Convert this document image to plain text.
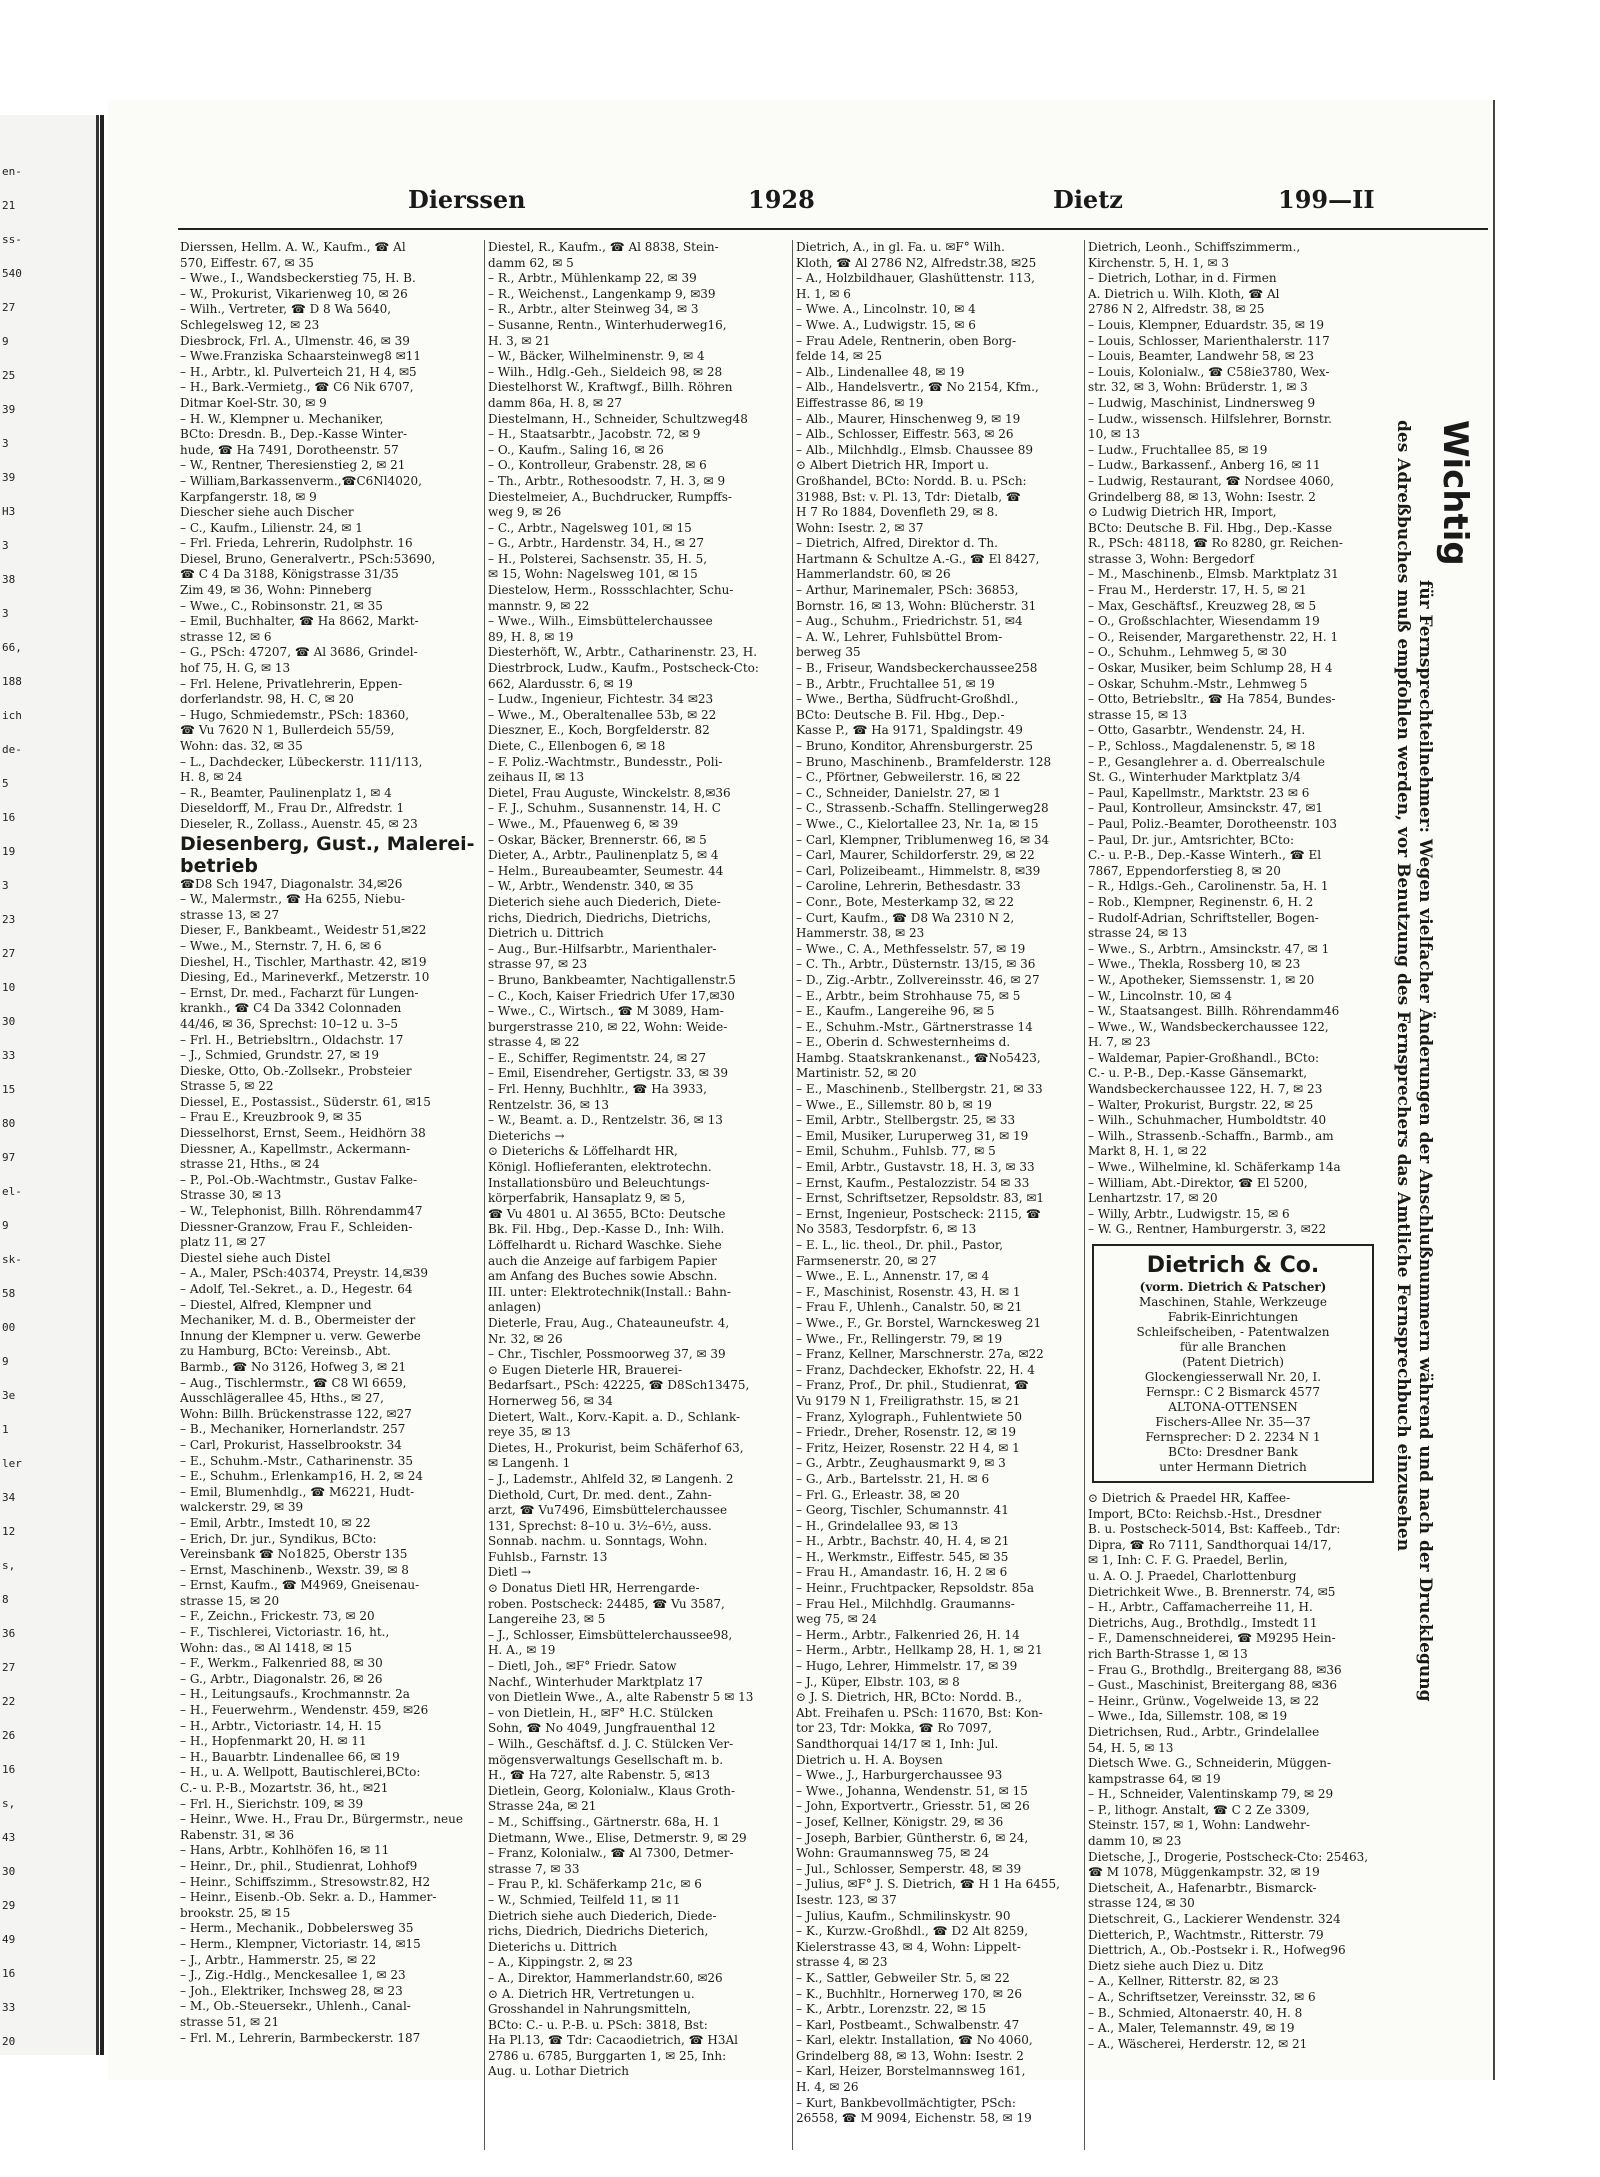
en-
21
ss-
540
27
9
25
39
3
39
H3
3
38
3
66,
188
ich
de-
5
16
19
3
23
27
10
30
33
15
80
97
el-
9
sk-
58
00
9
3e
1
ler
34
12
s,
8
36
27
22
26
16
s,
43
30
29
49
16
33
20
Dierssen	1928	Dietz	199—II
Dierssen, Hellm. A. W., Kaufm., ☎ Al
570, Eiffestr. 67, ✉ 35
– Wwe., I., Wandsbeckerstieg 75, H. B.
– W., Prokurist, Vikarienweg 10, ✉ 26
– Wilh., Vertreter, ☎ D 8 Wa 5640,
Schlegelsweg 12, ✉ 23
Diesbrock, Frl. A., Ulmenstr. 46, ✉ 39
– Wwe.Franziska Schaarsteinweg8 ✉11
– H., Arbtr., kl. Pulverteich 21, H 4, ✉5
– H., Bark.-Vermietg., ☎ C6 Nik 6707,
Ditmar Koel-Str. 30, ✉ 9
– H. W., Klempner u. Mechaniker,
BCto: Dresdn. B., Dep.-Kasse Winter-
hude, ☎ Ha 7491, Dorotheenstr. 57
– W., Rentner, Theresienstieg 2, ✉ 21
– William,Barkassenverm.,☎C6Nl4020,
Karpfangerstr. 18, ✉ 9
Diescher siehe auch Discher
– C., Kaufm., Lilienstr. 24, ✉ 1
– Frl. Frieda, Lehrerin, Rudolphstr. 16
Diesel, Bruno, Generalvertr., PSch:53690,
☎ C 4 Da 3188, Königstrasse 31/35
Zim 49, ✉ 36, Wohn: Pinneberg
– Wwe., C., Robinsonstr. 21, ✉ 35
– Emil, Buchhalter, ☎ Ha 8662, Markt-
strasse 12, ✉ 6
– G., PSch: 47207, ☎ Al 3686, Grindel-
hof 75, H. G, ✉ 13
– Frl. Helene, Privatlehrerin, Eppen-
dorferlandstr. 98, H. C, ✉ 20
– Hugo, Schmiedemstr., PSch: 18360,
☎ Vu 7620 N 1, Bullerdeich 55/59,
Wohn: das. 32, ✉ 35
– L., Dachdecker, Lübeckerstr. 111/113,
H. 8, ✉ 24
– R., Beamter, Paulinenplatz 1, ✉ 4
Dieseldorff, M., Frau Dr., Alfredstr. 1
Dieseler, R., Zollass., Auenstr. 45, ✉ 23
Diesenberg, Gust., Malerei-
betrieb
☎D8 Sch 1947, Diagonalstr. 34,✉26
– W., Malermstr., ☎ Ha 6255, Niebu-
strasse 13, ✉ 27
Dieser, F., Bankbeamt., Weidestr 51,✉22
– Wwe., M., Sternstr. 7, H. 6, ✉ 6
Dieshel, H., Tischler, Marthastr. 42, ✉19
Diesing, Ed., Marineverkf., Metzerstr. 10
– Ernst, Dr. med., Facharzt für Lungen-
krankh., ☎ C4 Da 3342 Colonnaden
44/46, ✉ 36, Sprechst: 10–12 u. 3–5
– Frl. H., Betriebsltrn., Oldachstr. 17
– J., Schmied, Grundstr. 27, ✉ 19
Dieske, Otto, Ob.-Zollsekr., Probsteier
Strasse 5, ✉ 22
Diessel, E., Postassist., Süderstr. 61, ✉15
– Frau E., Kreuzbrook 9, ✉ 35
Diesselhorst, Ernst, Seem., Heidhörn 38
Diessner, A., Kapellmstr., Ackermann-
strasse 21, Hths., ✉ 24
– P., Pol.-Ob.-Wachtmstr., Gustav Falke-
Strasse 30, ✉ 13
– W., Telephonist, Billh. Röhrendamm47
Diessner-Granzow, Frau F., Schleiden-
platz 11, ✉ 27
Diestel siehe auch Distel
– A., Maler, PSch:40374, Preystr. 14,✉39
– Adolf, Tel.-Sekret., a. D., Hegestr. 64
– Diestel, Alfred, Klempner und
Mechaniker, M. d. B., Obermeister der
Innung der Klempner u. verw. Gewerbe
zu Hamburg, BCto: Vereinsb., Abt.
Barmb., ☎ No 3126, Hofweg 3, ✉ 21
– Aug., Tischlermstr., ☎ C8 Wl 6659,
Ausschlägerallee 45, Hths., ✉ 27,
Wohn: Billh. Brückenstrasse 122, ✉27
– B., Mechaniker, Hornerlandstr. 257
– Carl, Prokurist, Hasselbrookstr. 34
– E., Schuhm.-Mstr., Catharinenstr. 35
– E., Schuhm., Erlenkamp16, H. 2, ✉ 24
– Emil, Blumenhdlg., ☎ M6221, Hudt-
walckerstr. 29, ✉ 39
– Emil, Arbtr., Imstedt 10, ✉ 22
– Erich, Dr. jur., Syndikus, BCto:
Vereinsbank ☎ No1825, Oberstr 135
– Ernst, Maschinenb., Wexstr. 39, ✉ 8
– Ernst, Kaufm., ☎ M4969, Gneisenau-
strasse 15, ✉ 20
– F., Zeichn., Frickestr. 73, ✉ 20
– F., Tischlerei, Victoriastr. 16, ht.,
Wohn: das., ✉ Al 1418, ✉ 15
– F., Werkm., Falkenried 88, ✉ 30
– G., Arbtr., Diagonalstr. 26, ✉ 26
– H., Leitungsaufs., Krochmannstr. 2a
– H., Feuerwehrm., Wendenstr. 459, ✉26
– H., Arbtr., Victoriastr. 14, H. 15
– H., Hopfenmarkt 20, H. ✉ 11
– H., Bauarbtr. Lindenallee 66, ✉ 19
– H., u. A. Wellpott, Bautischlerei,BCto:
C.- u. P.-B., Mozartstr. 36, ht., ✉21
– Frl. H., Sierichstr. 109, ✉ 39
– Heinr., Wwe. H., Frau Dr., Bürgermstr., neue
Rabenstr. 31, ✉ 36
– Hans, Arbtr., Kohlhöfen 16, ✉ 11
– Heinr., Dr., phil., Studienrat, Lohhof9
– Heinr., Schiffszimm., Stresowstr.82, H2
– Heinr., Eisenb.-Ob. Sekr. a. D., Hammer-
brookstr. 25, ✉ 15
– Herm., Mechanik., Dobbelersweg 35
– Herm., Klempner, Victoriastr. 14, ✉15
– J., Arbtr., Hammerstr. 25, ✉ 22
– J., Zig.-Hdlg., Menckesallee 1, ✉ 23
– Joh., Elektriker, Inchsweg 28, ✉ 23
– M., Ob.-Steuersekr., Uhlenh., Canal-
strasse 51, ✉ 21
– Frl. M., Lehrerin, Barmbeckerstr. 187
Diestel, R., Kaufm., ☎ Al 8838, Stein-
damm 62, ✉ 5
– R., Arbtr., Mühlenkamp 22, ✉ 39
– R., Weichenst., Langenkamp 9, ✉39
– R., Arbtr., alter Steinweg 34, ✉ 3
– Susanne, Rentn., Winterhuderweg16,
H. 3, ✉ 21
– W., Bäcker, Wilhelminenstr. 9, ✉ 4
– Wilh., Hdlg.-Geh., Sieldeich 98, ✉ 28
Diestelhorst W., Kraftwgf., Billh. Röhren
damm 86a, H. 8, ✉ 27
Diestelmann, H., Schneider, Schultzweg48
– H., Staatsarbtr., Jacobstr. 72, ✉ 9
– O., Kaufm., Saling 16, ✉ 26
– O., Kontrolleur, Grabenstr. 28, ✉ 6
– Th., Arbtr., Rothesoodstr. 7, H. 3, ✉ 9
Diestelmeier, A., Buchdrucker, Rumpffs-
weg 9, ✉ 26
– C., Arbtr., Nagelsweg 101, ✉ 15
– G., Arbtr., Hardenstr. 34, H., ✉ 27
– H., Polsterei, Sachsenstr. 35, H. 5,
✉ 15, Wohn: Nagelsweg 101, ✉ 15
Diestelow, Herm., Rossschlachter, Schu-
mannstr. 9, ✉ 22
– Wwe., Wilh., Eimsbüttelerchaussee
89, H. 8, ✉ 19
Diesterhöft, W., Arbtr., Catharinenstr. 23, H.
Diestrbrock, Ludw., Kaufm., Postscheck-Cto:
662, Alardusstr. 6, ✉ 19
– Ludw., Ingenieur, Fichtestr. 34 ✉23
– Wwe., M., Oberaltenallee 53b, ✉ 22
Dieszner, E., Koch, Borgfelderstr. 82
Diete, C., Ellenbogen 6, ✉ 18
– F. Poliz.-Wachtmstr., Bundesstr., Poli-
zeihaus II, ✉ 13
Dietel, Frau Auguste, Winckelstr. 8,✉36
– F. J., Schuhm., Susannenstr. 14, H. C
– Wwe., M., Pfauenweg 6, ✉ 39
– Oskar, Bäcker, Brennerstr. 66, ✉ 5
Dieter, A., Arbtr., Paulinenplatz 5, ✉ 4
– Helm., Bureaubeamter, Seumestr. 44
– W., Arbtr., Wendenstr. 340, ✉ 35
Dieterich siehe auch Diederich, Diete-
richs, Diedrich, Diedrichs, Dietrichs,
Dietrich u. Dittrich
– Aug., Bur.-Hilfsarbtr., Marienthaler-
strasse 97, ✉ 23
– Bruno, Bankbeamter, Nachtigallenstr.5
– C., Koch, Kaiser Friedrich Ufer 17,✉30
– Wwe., C., Wirtsch., ☎ M 3089, Ham-
burgerstrasse 210, ✉ 22, Wohn: Weide-
strasse 4, ✉ 22
– E., Schiffer, Regimentstr. 24, ✉ 27
– Emil, Eisendreher, Gertigstr. 33, ✉ 39
– Frl. Henny, Buchhltr., ☎ Ha 3933,
Rentzelstr. 36, ✉ 13
– W., Beamt. a. D., Rentzelstr. 36, ✉ 13
Dieterichs →
⊙ Dieterichs & Löffelhardt HR,
Königl. Hoflieferanten, elektrotechn.
Installationsbüro und Beleuchtungs-
körperfabrik, Hansaplatz 9, ✉ 5,
☎ Vu 4801 u. Al 3655, BCto: Deutsche
Bk. Fil. Hbg., Dep.-Kasse D., Inh: Wilh.
Löffelhardt u. Richard Waschke. Siehe
auch die Anzeige auf farbigem Papier
am Anfang des Buches sowie Abschn.
III. unter: Elektrotechnik(Install.: Bahn-
anlagen)
Dieterle, Frau, Aug., Chateauneufstr. 4,
Nr. 32, ✉ 26
– Chr., Tischler, Possmoorweg 37, ✉ 39
⊙ Eugen Dieterle HR, Brauerei-
Bedarfsart., PSch: 42225, ☎ D8Sch13475,
Hornerweg 56, ✉ 34
Dietert, Walt., Korv.-Kapit. a. D., Schlank-
reye 35, ✉ 13
Dietes, H., Prokurist, beim Schäferhof 63,
✉ Langenh. 1
– J., Lademstr., Ahlfeld 32, ✉ Langenh. 2
Diethold, Curt, Dr. med. dent., Zahn-
arzt, ☎ Vu7496, Eimsbüttelerchaussee
131, Sprechst: 8–10 u. 3½–6½, auss.
Sonnab. nachm. u. Sonntags, Wohn.
Fuhlsb., Farnstr. 13
Dietl →
⊙ Donatus Dietl HR, Herrengarde-
roben. Postscheck: 24485, ☎ Vu 3587,
Langereihe 23, ✉ 5
– J., Schlosser, Eimsbüttelerchaussee98,
H. A., ✉ 19
– Dietl, Joh., ✉F° Friedr. Satow
Nachf., Winterhuder Marktplatz 17
von Dietlein Wwe., A., alte Rabenstr 5 ✉ 13
– von Dietlein, H., ✉F° H.C. Stülcken
Sohn, ☎ No 4049, Jungfrauenthal 12
– Wilh., Geschäftsf. d. J. C. Stülcken Ver-
mögensverwaltungs Gesellschaft m. b.
H., ☎ Ha 727, alte Rabenstr. 5, ✉13
Dietlein, Georg, Kolonialw., Klaus Groth-
Strasse 24a, ✉ 21
– M., Schiffsing., Gärtnerstr. 68a, H. 1
Dietmann, Wwe., Elise, Detmerstr. 9, ✉ 29
– Franz, Kolonialw., ☎ Al 7300, Detmer-
strasse 7, ✉ 33
– Frau P., kl. Schäferkamp 21c, ✉ 6
– W., Schmied, Teilfeld 11, ✉ 11
Dietrich siehe auch Diederich, Diede-
richs, Diedrich, Diedrichs Dieterich,
Dieterichs u. Dittrich
– A., Kippingstr. 2, ✉ 23
– A., Direktor, Hammerlandstr.60, ✉26
⊙ A. Dietrich HR, Vertretungen u.
Grosshandel in Nahrungsmitteln,
BCto: C.- u. P.-B. u. PSch: 3818, Bst:
Ha Pl.13, ☎ Tdr: Cacaodietrich, ☎ H3Al
2786 u. 6785, Burggarten 1, ✉ 25, Inh:
Aug. u. Lothar Dietrich
Dietrich, A., in gl. Fa. u. ✉F° Wilh.
Kloth, ☎ Al 2786 N2, Alfredstr.38, ✉25
– A., Holzbildhauer, Glashüttenstr. 113,
H. 1, ✉ 6
– Wwe. A., Lincolnstr. 10, ✉ 4
– Wwe. A., Ludwigstr. 15, ✉ 6
– Frau Adele, Rentnerin, oben Borg-
felde 14, ✉ 25
– Alb., Lindenallee 48, ✉ 19
– Alb., Handelsvertr., ☎ No 2154, Kfm.,
Eiffestrasse 86, ✉ 19
– Alb., Maurer, Hinschenweg 9, ✉ 19
– Alb., Schlosser, Eiffestr. 563, ✉ 26
– Alb., Milchhdlg., Elmsb. Chaussee 89
⊙ Albert Dietrich HR, Import u.
Großhandel, BCto: Nordd. B. u. PSch:
31988, Bst: v. Pl. 13, Tdr: Dietalb, ☎
H 7 Ro 1884, Dovenfleth 29, ✉ 8.
Wohn: Isestr. 2, ✉ 37
– Dietrich, Alfred, Direktor d. Th.
Hartmann & Schultze A.-G., ☎ El 8427,
Hammerlandstr. 60, ✉ 26
– Arthur, Marinemaler, PSch: 36853,
Bornstr. 16, ✉ 13, Wohn: Blücherstr. 31
– Aug., Schuhm., Friedrichstr. 51, ✉4
– A. W., Lehrer, Fuhlsbüttel Brom-
berweg 35
– B., Friseur, Wandsbeckerchaussee258
– B., Arbtr., Fruchtallee 51, ✉ 19
– Wwe., Bertha, Südfrucht-Großhdl.,
BCto: Deutsche B. Fil. Hbg., Dep.-
Kasse P., ☎ Ha 9171, Spaldingstr. 49
– Bruno, Konditor, Ahrensburgerstr. 25
– Bruno, Maschinenb., Bramfelderstr. 128
– C., Pförtner, Gebweilerstr. 16, ✉ 22
– C., Schneider, Danielstr. 27, ✉ 1
– C., Strassenb.-Schaffn. Stellingerweg28
– Wwe., C., Kielortallee 23, Nr. 1a, ✉ 15
– Carl, Klempner, Triblumenweg 16, ✉ 34
– Carl, Maurer, Schildorferstr. 29, ✉ 22
– Carl, Polizeibeamt., Himmelstr. 8, ✉39
– Caroline, Lehrerin, Bethesdastr. 33
– Conr., Bote, Mesterkamp 32, ✉ 22
– Curt, Kaufm., ☎ D8 Wa 2310 N 2,
Hammerstr. 38, ✉ 23
– Wwe., C. A., Methfesselstr. 57, ✉ 19
– C. Th., Arbtr., Düsternstr. 13/15, ✉ 36
– D., Zig.-Arbtr., Zollvereinsstr. 46, ✉ 27
– E., Arbtr., beim Strohhause 75, ✉ 5
– E., Kaufm., Langereihe 96, ✉ 5
– E., Schuhm.-Mstr., Gärtnerstrasse 14
– E., Oberin d. Schwesternheims d.
Hambg. Staatskrankenanst., ☎No5423,
Martinistr. 52, ✉ 20
– E., Maschinenb., Stellbergstr. 21, ✉ 33
– Wwe., E., Sillemstr. 80 b, ✉ 19
– Emil, Arbtr., Stellbergstr. 25, ✉ 33
– Emil, Musiker, Luruperweg 31, ✉ 19
– Emil, Schuhm., Fuhlsb. 77, ✉ 5
– Emil, Arbtr., Gustavstr. 18, H. 3, ✉ 33
– Ernst, Kaufm., Pestalozzistr. 54 ✉ 33
– Ernst, Schriftsetzer, Repsoldstr. 83, ✉1
– Ernst, Ingenieur, Postscheck: 2115, ☎
No 3583, Tesdorpfstr. 6, ✉ 13
– E. L., lic. theol., Dr. phil., Pastor,
Farmsenerstr. 20, ✉ 27
– Wwe., E. L., Annenstr. 17, ✉ 4
– F., Maschinist, Rosenstr. 43, H. ✉ 1
– Frau F., Uhlenh., Canalstr. 50, ✉ 21
– Wwe., F., Gr. Borstel, Warnckesweg 21
– Wwe., Fr., Rellingerstr. 79, ✉ 19
– Franz, Kellner, Marschnerstr. 27a, ✉22
– Franz, Dachdecker, Ekhofstr. 22, H. 4
– Franz, Prof., Dr. phil., Studienrat, ☎
Vu 9179 N 1, Freiligrathstr. 15, ✉ 21
– Franz, Xylograph., Fuhlentwiete 50
– Friedr., Dreher, Rosenstr. 12, ✉ 19
– Fritz, Heizer, Rosenstr. 22 H 4, ✉ 1
– G., Arbtr., Zeughausmarkt 9, ✉ 3
– G., Arb., Bartelsstr. 21, H. ✉ 6
– Frl. G., Erleastr. 38, ✉ 20
– Georg, Tischler, Schumannstr. 41
– H., Grindelallee 93, ✉ 13
– H., Arbtr., Bachstr. 40, H. 4, ✉ 21
– H., Werkmstr., Eiffestr. 545, ✉ 35
– Frau H., Amandastr. 16, H. 2 ✉ 6
– Heinr., Fruchtpacker, Repsoldstr. 85a
– Frau Hel., Milchhdlg. Graumanns-
weg 75, ✉ 24
– Herm., Arbtr., Falkenried 26, H. 14
– Herm., Arbtr., Hellkamp 28, H. 1, ✉ 21
– Hugo, Lehrer, Himmelstr. 17, ✉ 39
– J., Küper, Elbstr. 103, ✉ 8
⊙ J. S. Dietrich, HR, BCto: Nordd. B.,
Abt. Freihafen u. PSch: 11670, Bst: Kon-
tor 23, Tdr: Mokka, ☎ Ro 7097,
Sandthorquai 14/17 ✉ 1, Inh: Jul.
Dietrich u. H. A. Boysen
– Wwe., J., Harburgerchaussee 93
– Wwe., Johanna, Wendenstr. 51, ✉ 15
– John, Exportvertr., Griesstr. 51, ✉ 26
– Josef, Kellner, Königstr. 29, ✉ 36
– Joseph, Barbier, Güntherstr. 6, ✉ 24,
Wohn: Graumannsweg 75, ✉ 24
– Jul., Schlosser, Semperstr. 48, ✉ 39
– Julius, ✉F° J. S. Dietrich, ☎ H 1 Ha 6455,
Isestr. 123, ✉ 37
– Julius, Kaufm., Schmilinskystr. 90
– K., Kurzw.-Großhdl., ☎ D2 Alt 8259,
Kielerstrasse 43, ✉ 4, Wohn: Lippelt-
strasse 4, ✉ 23
– K., Sattler, Gebweiler Str. 5, ✉ 22
– K., Buchhltr., Hornerweg 170, ✉ 26
– K., Arbtr., Lorenzstr. 22, ✉ 15
– Karl, Postbeamt., Schwalbenstr. 47
– Karl, elektr. Installation, ☎ No 4060,
Grindelberg 88, ✉ 13, Wohn: Isestr. 2
– Karl, Heizer, Borstelmannsweg 161,
H. 4, ✉ 26
– Kurt, Bankbevollmächtigter, PSch:
26558, ☎ M 9094, Eichenstr. 58, ✉ 19
Dietrich, Leonh., Schiffszimmerm.,
Kirchenstr. 5, H. 1, ✉ 3
– Dietrich, Lothar, in d. Firmen
A. Dietrich u. Wilh. Kloth, ☎ Al
2786 N 2, Alfredstr. 38, ✉ 25
– Louis, Klempner, Eduardstr. 35, ✉ 19
– Louis, Schlosser, Marienthalerstr. 117
– Louis, Beamter, Landwehr 58, ✉ 23
– Louis, Kolonialw., ☎ C58ie3780, Wex-
str. 32, ✉ 3, Wohn: Brüderstr. 1, ✉ 3
– Ludwig, Maschinist, Lindnersweg 9
– Ludw., wissensch. Hilfslehrer, Bornstr.
10, ✉ 13
– Ludw., Fruchtallee 85, ✉ 19
– Ludw., Barkassenf., Anberg 16, ✉ 11
– Ludwig, Restaurant, ☎ Nordsee 4060,
Grindelberg 88, ✉ 13, Wohn: Isestr. 2
⊙ Ludwig Dietrich HR, Import,
BCto: Deutsche B. Fil. Hbg., Dep.-Kasse
R., PSch: 48118, ☎ Ro 8280, gr. Reichen-
strasse 3, Wohn: Bergedorf
– M., Maschinenb., Elmsb. Marktplatz 31
– Frau M., Herderstr. 17, H. 5, ✉ 21
– Max, Geschäftsf., Kreuzweg 28, ✉ 5
– O., Großschlachter, Wiesendamm 19
– O., Reisender, Margarethenstr. 22, H. 1
– O., Schuhm., Lehmweg 5, ✉ 30
– Oskar, Musiker, beim Schlump 28, H 4
– Oskar, Schuhm.-Mstr., Lehmweg 5
– Otto, Betriebsltr., ☎ Ha 7854, Bundes-
strasse 15, ✉ 13
– Otto, Gasarbtr., Wendenstr. 24, H.
– P., Schloss., Magdalenenstr. 5, ✉ 18
– P., Gesanglehrer a. d. Oberrealschule
St. G., Winterhuder Marktplatz 3/4
– Paul, Kapellmstr., Marktstr. 23 ✉ 6
– Paul, Kontrolleur, Amsinckstr. 47, ✉1
– Paul, Poliz.-Beamter, Dorotheenstr. 103
– Paul, Dr. jur., Amtsrichter, BCto:
C.- u. P.-B., Dep.-Kasse Winterh., ☎ El
7867, Eppendorferstieg 8, ✉ 20
– R., Hdlgs.-Geh., Carolinenstr. 5a, H. 1
– Rob., Klempner, Reginenstr. 6, H. 2
– Rudolf-Adrian, Schriftsteller, Bogen-
strasse 24, ✉ 13
– Wwe., S., Arbtrn., Amsinckstr. 47, ✉ 1
– Wwe., Thekla, Rossberg 10, ✉ 23
– W., Apotheker, Siemssenstr. 1, ✉ 20
– W., Lincolnstr. 10, ✉ 4
– W., Staatsangest. Billh. Röhrendamm46
– Wwe., W., Wandsbeckerchaussee 122,
H. 7, ✉ 23
– Waldemar, Papier-Großhandl., BCto:
C.- u. P.-B., Dep.-Kasse Gänsemarkt,
Wandsbeckerchaussee 122, H. 7, ✉ 23
– Walter, Prokurist, Burgstr. 22, ✉ 25
– Wilh., Schuhmacher, Humboldtstr. 40
– Wilh., Strassenb.-Schaffn., Barmb., am
Markt 8, H. 1, ✉ 22
– Wwe., Wilhelmine, kl. Schäferkamp 14a
– William, Abt.-Direktor, ☎ El 5200,
Lenhartzstr. 17, ✉ 20
– Willy, Arbtr., Ludwigstr. 15, ✉ 6
– W. G., Rentner, Hamburgerstr. 3, ✉22
Dietrich & Co.
(vorm. Dietrich & Patscher)
Maschinen, Stahle, Werkzeuge
Fabrik-Einrichtungen
Schleifscheiben, - Patentwalzen
für alle Branchen
(Patent Dietrich)
Glockengiesserwall Nr. 20, I.
Fernspr.: C 2 Bismarck 4577
ALTONA-OTTENSEN
Fischers-Allee Nr. 35—37
Fernsprecher: D 2. 2234 N 1
BCto: Dresdner Bank
unter Hermann Dietrich
⊙ Dietrich & Praedel HR, Kaffee-
Import, BCto: Reichsb.-Hst., Dresdner
B. u. Postscheck-5014, Bst: Kaffeeb., Tdr:
Dipra, ☎ Ro 7111, Sandthorquai 14/17,
✉ 1, Inh: C. F. G. Praedel, Berlin,
u. A. O. J. Praedel, Charlottenburg
Dietrichkeit Wwe., B. Brennerstr. 74, ✉5
– H., Arbtr., Caffamacherreihe 11, H.
Dietrichs, Aug., Brothdlg., Imstedt 11
– F., Damenschneiderei, ☎ M9295 Hein-
rich Barth-Strasse 1, ✉ 13
– Frau G., Brothdlg., Breitergang 88, ✉36
– Gust., Maschinist, Breitergang 88, ✉36
– Heinr., Grünw., Vogelweide 13, ✉ 22
– Wwe., Ida, Sillemstr. 108, ✉ 19
Dietrichsen, Rud., Arbtr., Grindelallee
54, H. 5, ✉ 13
Dietsch Wwe. G., Schneiderin, Müggen-
kampstrasse 64, ✉ 19
– H., Schneider, Valentinskamp 79, ✉ 29
– P., lithogr. Anstalt, ☎ C 2 Ze 3309,
Steinstr. 157, ✉ 1, Wohn: Landwehr-
damm 10, ✉ 23
Dietsche, J., Drogerie, Postscheck-Cto: 25463,
☎ M 1078, Müggenkampstr. 32, ✉ 19
Dietscheit, A., Hafenarbtr., Bismarck-
strasse 124, ✉ 30
Dietschreit, G., Lackierer Wendenstr. 324
Dietterich, P., Wachtmstr., Ritterstr. 79
Diettrich, A., Ob.-Postsekr i. R., Hofweg96
Dietz siehe auch Diez u. Ditz
– A., Kellner, Ritterstr. 82, ✉ 23
– A., Schriftsetzer, Vereinsstr. 32, ✉ 6
– B., Schmied, Altonaerstr. 40, H. 8
– A., Maler, Telemannstr. 49, ✉ 19
– A., Wäscherei, Herderstr. 12, ✉ 21
Wichtig
für Fernsprechteilnehmer: Wegen vielfacher Änderungen der Anschlußnummern während und nach der Drucklegung
des Adreßbuches muß empfohlen werden, vor Benutzung des Fernsprechers das Amtliche Fernsprechbuch einzusehen
